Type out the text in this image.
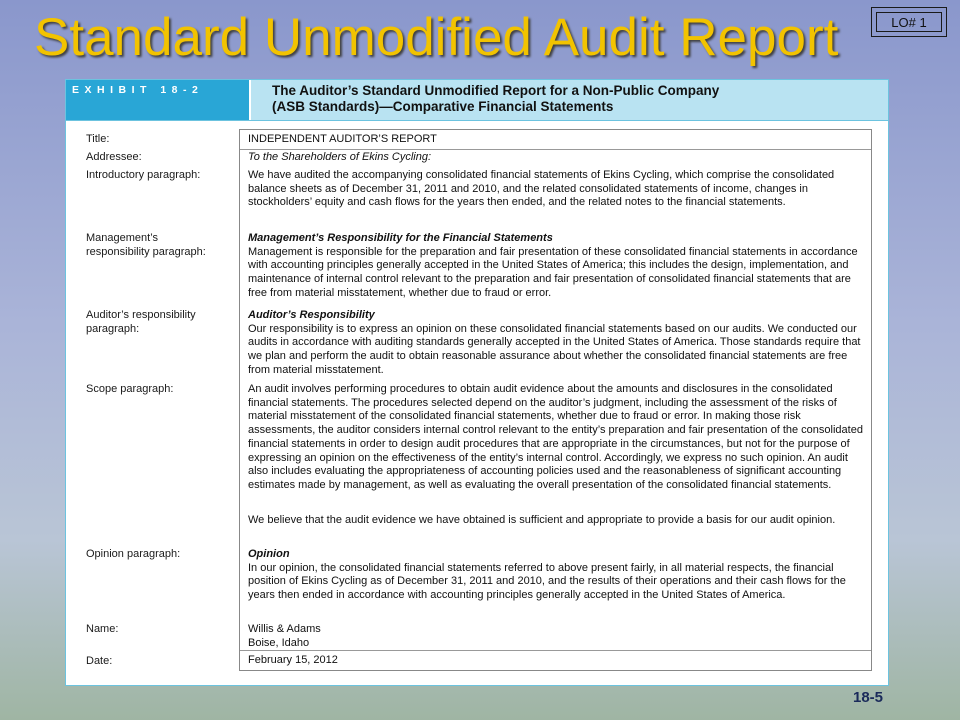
Standard Unmodified Audit Report	LO# 1
EXHIBIT 18-2	The Auditor’s Standard Unmodified Report for a Non-Public Company
(ASB Standards)—Comparative Financial Statements
Title:
Addressee:
Introductory paragraph:
Management’s
responsibility paragraph:
Auditor’s responsibility
paragraph:
Scope paragraph:
Opinion paragraph:
Name:
Date:
INDEPENDENT AUDITOR’S REPORT
To the Shareholders of Ekins Cycling:
We have audited the accompanying consolidated financial statements of Ekins Cycling, which comprise the consolidated balance sheets as of December 31, 2011 and 2010, and the related consolidated statements of income, changes in stockholders’ equity and cash flows for the years then ended, and the related notes to the financial statements.
Management’s Responsibility for the Financial Statements
Management is responsible for the preparation and fair presentation of these consolidated financial statements in accordance with accounting principles generally accepted in the United States of America; this includes the design, implementation, and maintenance of internal control relevant to the preparation and fair presentation of consolidated financial statements that are free from material misstatement, whether due to fraud or error.
Auditor’s Responsibility
Our responsibility is to express an opinion on these consolidated financial statements based on our audits. We conducted our audits in accordance with auditing standards generally accepted in the United States of America. Those standards require that we plan and perform the audit to obtain reasonable assurance about whether the consolidated financial statements are free from material misstatement.
An audit involves performing procedures to obtain audit evidence about the amounts and disclosures in the consolidated financial statements. The procedures selected depend on the auditor’s judgment, including the assessment of the risks of material misstatement of the consolidated financial statements, whether due to fraud or error. In making those risk assessments, the auditor considers internal control relevant to the entity’s preparation and fair presentation of the consolidated financial statements in order to design audit procedures that are appropriate in the circumstances, but not for the purpose of expressing an opinion on the effectiveness of the entity’s internal control. Accordingly, we express no such opinion. An audit also includes evaluating the appropriateness of accounting policies used and the reasonableness of significant accounting estimates made by management, as well as evaluating the overall presentation of the consolidated financial statements.
We believe that the audit evidence we have obtained is sufficient and appropriate to provide a basis for our audit opinion.
Opinion
In our opinion, the consolidated financial statements referred to above present fairly, in all material respects, the financial position of Ekins Cycling as of December 31, 2011 and 2010, and the results of their operations and their cash flows for the years then ended in accordance with accounting principles generally accepted in the United States of America.
Willis & Adams
Boise, Idaho
February 15, 2012
18-5
